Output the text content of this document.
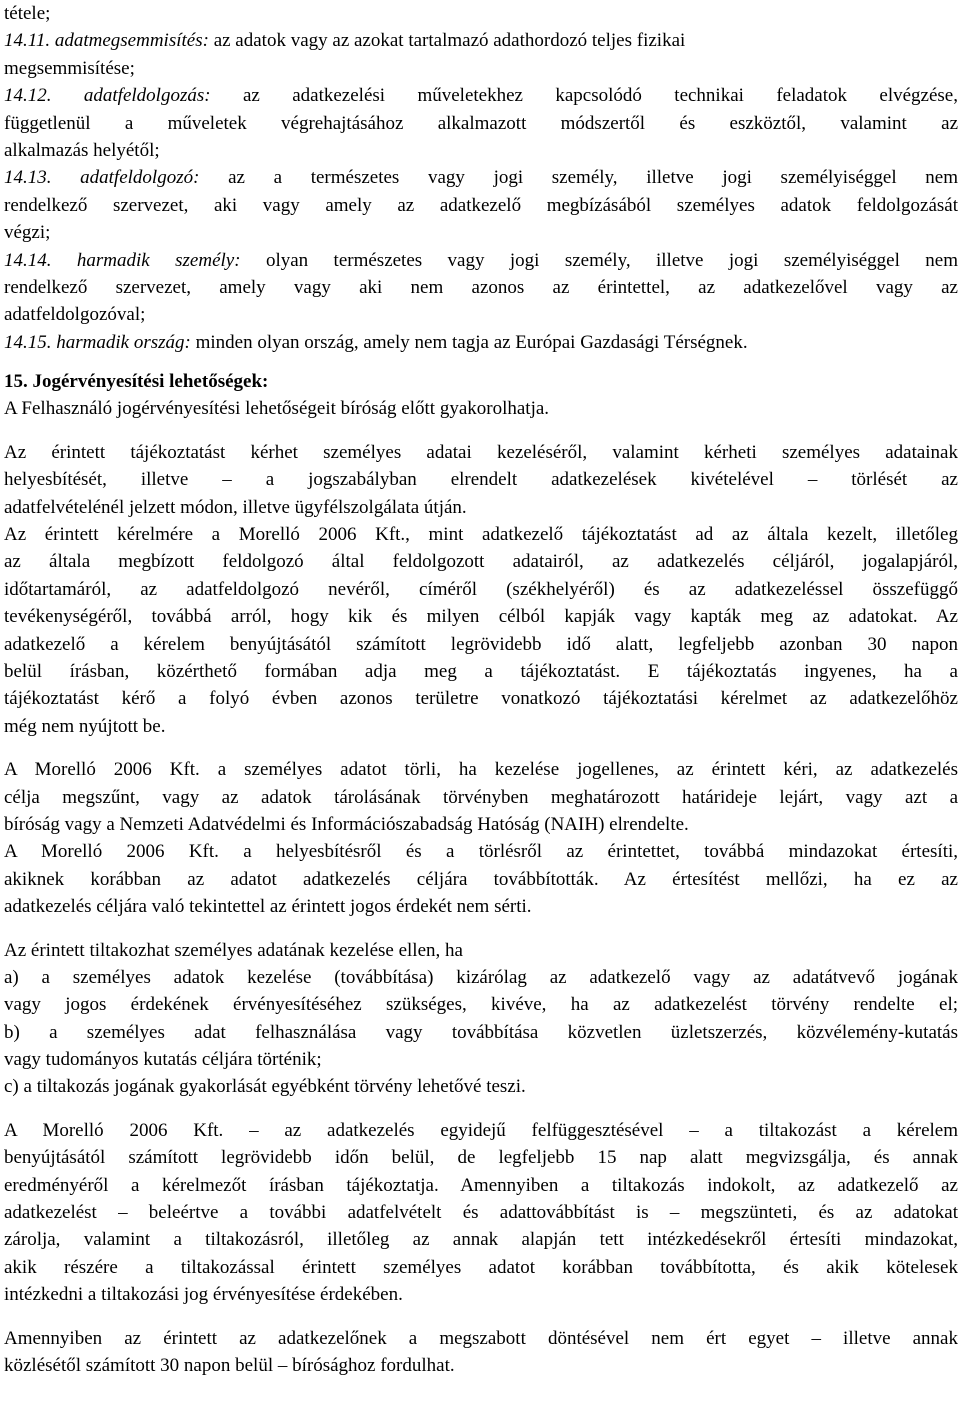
tétele;
14.11. adatmegsemmisítés: az adatok vagy az azokat tartalmazó adathordozó teljes fizikai
megsemmisítése;
14.12. adatfeldolgozás: az adatkezelési műveletekhez kapcsolódó technikai feladatok elvégzése,
függetlenül a műveletek végrehajtásához alkalmazott módszertől és eszköztől, valamint az
alkalmazás helyétől;
14.13. adatfeldolgozó: az a természetes vagy jogi személy, illetve jogi személyiséggel nem
rendelkező szervezet, aki vagy amely az adatkezelő megbízásából személyes adatok feldolgozását
végzi;
14.14. harmadik személy: olyan természetes vagy jogi személy, illetve jogi személyiséggel nem
rendelkező szervezet, amely vagy aki nem azonos az érintettel, az adatkezelővel vagy az
adatfeldolgozóval;
14.15. harmadik ország: minden olyan ország, amely nem tagja az Európai Gazdasági Térségnek.
15. Jogérvényesítési lehetőségek:
A Felhasználó jogérvényesítési lehetőségeit bíróság előtt gyakorolhatja.
Az érintett tájékoztatást kérhet személyes adatai kezeléséről, valamint kérheti személyes adatainak
helyesbítését, illetve – a jogszabályban elrendelt adatkezelések kivételével – törlését az
adatfelvételénél jelzett módon, illetve ügyfélszolgálata útján.
Az érintett kérelmére a Morelló 2006 Kft., mint adatkezelő tájékoztatást ad az általa kezelt, illetőleg
az általa megbízott feldolgozó által feldolgozott adatairól, az adatkezelés céljáról, jogalapjáról,
időtartamáról, az adatfeldolgozó nevéről, címéről (székhelyéről) és az adatkezeléssel összefüggő
tevékenységéről, továbbá arról, hogy kik és milyen célból kapják vagy kapták meg az adatokat. Az
adatkezelő a kérelem benyújtásától számított legrövidebb idő alatt, legfeljebb azonban 30 napon
belül írásban, közérthető formában adja meg a tájékoztatást. E tájékoztatás ingyenes, ha a
tájékoztatást kérő a folyó évben azonos területre vonatkozó tájékoztatási kérelmet az adatkezelőhöz
még nem nyújtott be.
A Morelló 2006 Kft. a személyes adatot törli, ha kezelése jogellenes, az érintett kéri, az adatkezelés
célja megszűnt, vagy az adatok tárolásának törvényben meghatározott határideje lejárt, vagy azt a
bíróság vagy a Nemzeti Adatvédelmi és Információszabadság Hatóság (NAIH) elrendelte.
A Morelló 2006 Kft. a helyesbítésről és a törlésről az érintettet, továbbá mindazokat értesíti,
akiknek korábban az adatot adatkezelés céljára továbbították. Az értesítést mellőzi, ha ez az
adatkezelés céljára való tekintettel az érintett jogos érdekét nem sérti.
Az érintett tiltakozhat személyes adatának kezelése ellen, ha
a) a személyes adatok kezelése (továbbítása) kizárólag az adatkezelő vagy az adatátvevő jogának
vagy jogos érdekének érvényesítéséhez szükséges, kivéve, ha az adatkezelést törvény rendelte el;
b) a személyes adat felhasználása vagy továbbítása közvetlen üzletszerzés, közvélemény-kutatás
vagy tudományos kutatás céljára történik;
c) a tiltakozás jogának gyakorlását egyébként törvény lehetővé teszi.
A Morelló 2006 Kft. – az adatkezelés egyidejű felfüggesztésével – a tiltakozást a kérelem
benyújtásától számított legrövidebb időn belül, de legfeljebb 15 nap alatt megvizsgálja, és annak
eredményéről a kérelmezőt írásban tájékoztatja. Amennyiben a tiltakozás indokolt, az adatkezelő az
adatkezelést – beleértve a további adatfelvételt és adattovábbítást is – megszünteti, és az adatokat
zárolja, valamint a tiltakozásról, illetőleg az annak alapján tett intézkedésekről értesíti mindazokat,
akik részére a tiltakozással érintett személyes adatot korábban továbbította, és akik kötelesek
intézkedni a tiltakozási jog érvényesítése érdekében.
Amennyiben az érintett az adatkezelőnek a megszabott döntésével nem ért egyet – illetve annak
közlésétől számított 30 napon belül – bírósághoz fordulhat.
